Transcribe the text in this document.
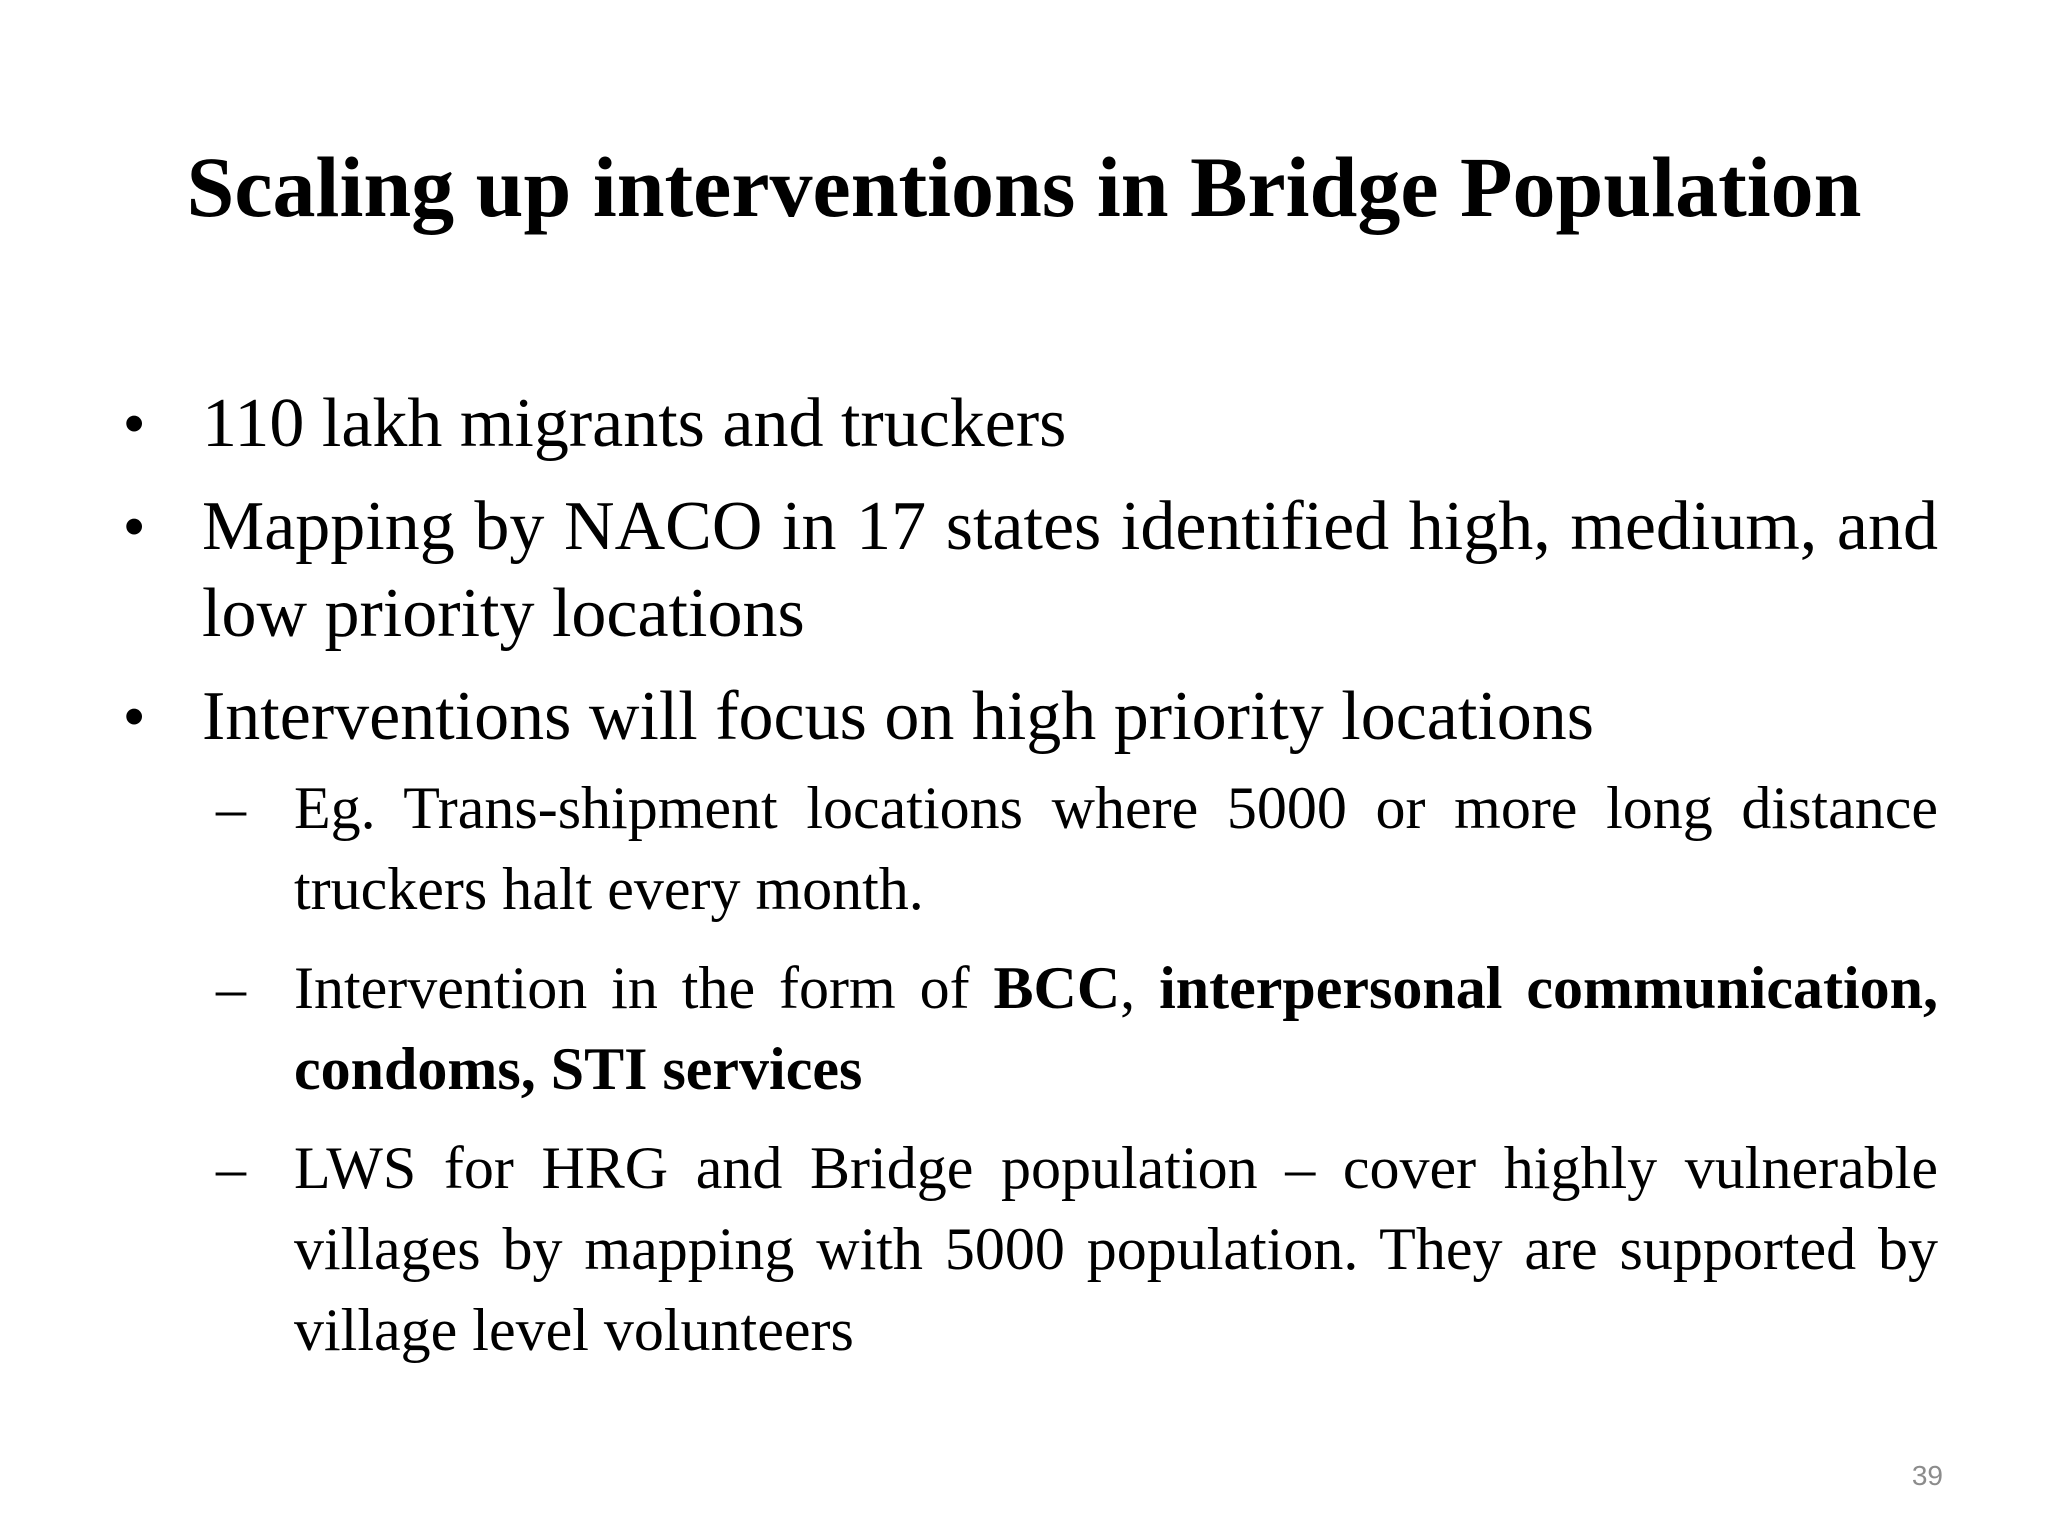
Scaling up interventions in Bridge Population
• 110 lakh migrants and truckers
• Mapping by NACO in 17 states identified high, medium, and low priority locations
• Interventions will focus on high priority locations
– Eg. Trans-shipment locations where 5000 or more long distance truckers halt every month.
– Intervention in the form of BCC, interpersonal communication, condoms, STI services
– LWS for HRG and Bridge population – cover highly vulnerable villages by mapping with 5000 population. They are supported by village level volunteers
39
